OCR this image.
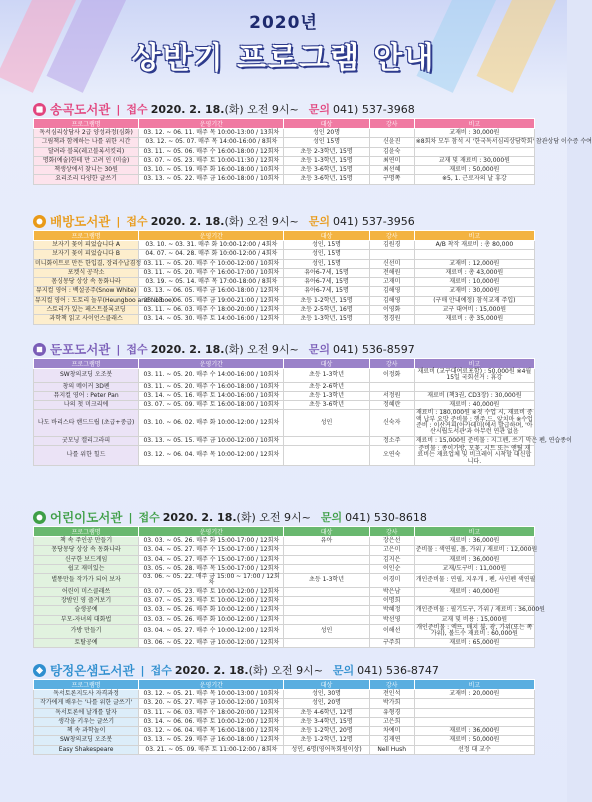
2020년
상반기 프로그램 안내
송곡도서관 | 접수 2020. 2. 18. (화) 오전 9시~ 문의 041) 537-3968
프로그램명	운영기간	대상	강사	비고
독서심리상담사 2급 양성과정(심화)	03. 12. ~ 06. 11. 매주 목 10:00-13:00 / 13회차	성인 20명		교재비 : 30,000원
그림책과 함께하는 나를 위한 시간	03. 12. ~ 05. 07. 매주 목 14:00-16:00 / 8회차	성인 15명	신윤진	※8회차 모두 참석 시 '한국독서심리상담학회' 참관상담 이수증 수여
달려라 블록(레고블록서킷리)	03. 11. ~ 05. 06. 매주 수 16:00-18:00 / 12회차	초등 2-3학년, 15명	김윤숙	
명화(예술)한테 만 고려 인 (미술)	03. 07. ~ 05. 23. 매주 토 10:00-11:30 / 12회차	초등 1-3학년, 15명	최연미	교재 및 재료비 : 30,000원
책생상에서 찾니는 30원	03. 10. ~ 05. 19. 매주 화 16:00-18:00 / 10회차	초등 3-6학년, 15명	최선혜	재료비 : 50,000원
요리조리 다양한 글쓰기	03. 13. ~ 05. 22. 매주 금 16:00-18:00 / 10회차	초등 3-6학년, 15명	구명쪽	※5, 1. 근로자의 날 휴강
배방도서관 | 접수 2020. 2. 18. (화) 오전 9시~ 문의 041) 537-3956
프로그램명	운영기간	대상	강사	비고
보자기 꽃이 피었습니다 A	03. 10. ~ 03. 31. 매주 화 10:00-12:00 / 4회차	성인, 15명	김원경	A/B 착작 재료비 : 총 80,000
보자기 꽃이 피었습니다 B	04. 07. ~ 04. 28. 매주 화 10:00-12:00 / 4회차	성인, 15명		
미니화이트로 만든 한입결, 장리수납겸정	03. 11. ~ 05. 20. 매주 수 10:00-12:00 / 10회차	성인, 15명	신선미	교재비 : 12,000원
포켓식 공작소	03. 11. ~ 05. 20. 매주 수 16:00-17:00 / 10회차	유아6-7세, 15명	전해원	재료비 : 총 43,000원
몸싱몽당 상상 속 동화나라	03. 19. ~ 05. 14. 매주 목 17:00-18:00 / 8회차	유아6-7세, 15명	고재미	재료비 : 10,000원
뮤지컬 영어 : 백설공주(Snow White)	03. 13. ~ 06. 05. 매주 금 16:00-18:00 / 12회차	유아6-7세, 15명	김해영	교재비 : 30,000원
뮤지컬 영어 : 도토리 놀부(Heungboo and Nolboo)	03. 13. ~ 06. 05. 매주 금 19:00-21:00 / 12회차	초등 1-2학년, 15명	김해영	(구매 안내예정) 참석교재 주입)
스토리가 있는 페스트블록코딩	03. 11. ~ 06. 03. 매주 수 18:00-20:00 / 12회차	초등 2-5학년, 16명	이영화	교구 대여비 : 15,000원
과학책 읽고 사이언스클래스	03. 14. ~ 05. 30. 매주 토 14:00-16:00 / 12회차	초등 1-3학년, 15명	정경원	재료비 : 총 35,000원
둔포도서관 | 접수 2020. 2. 18. (화) 오전 9시~ 문의 041) 536-8597
프로그램명	운영기간	대상	강사	비고
SW창의코딩 오조봇	03. 11. ~ 05. 20. 매주 수 14:00-16:00 / 10회차	초등 1-3학년	이정화	재료비 (교구대여료포함) : 50,000원 ※4월 15일 국회선거 : 휴강
창의 메이커 3D펜	03. 11. ~ 05. 20. 매주 수 16:00-18:00 / 10회차	초등 2-6학년		
뮤지컬 영어 : Peter Pan	03. 14. ~ 05. 16. 매주 토 14:00-16:00 / 10회차	초등 1-3학년	서정원	재료비 (책3권, CD3장) : 30,000원
나의 첫 미크리에	03. 07. ~ 05. 09. 매주 토 16:00-18:00 / 10회차	초등 3-6학년	정혜란	재료비 : 40,000원
나도 바리스타 핸드드립 (초급+중급)	03. 10. ~ 06. 02. 매주 화 10:00-12:00 / 12회차	성인	신숙자	재료비 : 180,000원 ※첫 수업 시, 재료비 중액 납부 요망 준비물 : 행주,드, 앞치마 ※수업준비 : 이산커피(아카데미(에서 발급하며, '아산시립도서관'과 아무런 연관 없음
굿모닝 캘리그라피	03. 13. ~ 05. 15. 매주 금 10:00-12:00 / 10회차		정소주	재료비 : 15,000원 준비물 : 지그펜, 쓰기 막은 펜, 연습종이
나를 위한 힐드	03. 12. ~ 06. 04. 매주 목 10:00-12:00 / 12회차		오연숙	준비물 : 종이가방, 모꽃, 시트 또는 앤틸 재료비는 재료업체 및 비크레이 시착할 대신합니다.
어린이도서관 | 접수 2020. 2. 18. (화) 오전 9시~ 문의 041) 530-8618
프로그램명	운영기간	대상	강사	비고
책 속 주인공 만들기	03. 03. ~ 05. 26. 매주 화 15:00-17:00 / 12회차	유아	장은선	재료비 : 36,000원
몽당몽당 상상 속 동화나라	03. 04. ~ 05. 27. 매주 수 15:00-17:00 / 12회차		고은미	준비물 : 색연필, 풀, 가위 / 재료비 : 12,000원
신구한 보드게임	03. 04. ~ 05. 27. 매주 수 15:00-17:00 / 12회차		김지은	재료비 : 36,000원
쉽고 재미있는	03. 05. ~ 05. 28. 매주 목 15:00-17:00 / 12회차		이인순	교재/도구비 : 11,000원
별똥만들 작가가 되어 보자	03. 06. ~ 05. 22. 매주 금 15:00 ~ 17:00 / 12회차	초등 1-3학년	이경미	개인준비물 : 연필, 지우개 , 펜, 사인펜 색연필
어린이 미스클래쓰	03. 07. ~ 05. 23. 매주 토 10:00-12:00 / 12회차		박은남	재료비 : 40,000원
장밤인 영 즐겨보기	03. 07. ~ 05. 23. 매주 토 10:00-12:00 / 12회차		이명희	
슬생공예	03. 03. ~ 05. 26. 매주 화 10:00-12:00 / 12회차		박혜정	개인준비물 : 필기도구, 가위 / 재료비 : 36,000원
부모-자녀의 대화법	03. 03. ~ 05. 26. 매주 화 10:00-12:00 / 12회차		박선영	교재 및 비용 : 15,000원
가방 만들기	03. 04. ~ 05. 27. 매주 수 10:00-12:00 / 12회차	성인	이해선	개인준비물 : 엑뜨, 매지 불, 광, 가위(또는 쪽가위), 볼드수 재료비 : 60,000원
토탈공예	03. 06. ~ 05. 22. 매주 금 10:00-12:00 / 12회차		구주희	재료비 : 65,000원
탕정온샘도서관 | 접수 2020. 2. 18. (화) 오전 9시~ 문의 041) 536-8747
프로그램명	운영기간	대상	강사	비고
독서토론지도사 자격과정	03. 12. ~ 05. 21. 매주 목 10:00-13:00 / 10회차	성인, 30명	전인석	교재비 : 20,000원
작가에게 배우는 '나를 위한 글쓰기'	03. 20. ~ 05. 27. 매주 금 10:00-12:00 / 10회차	성인, 20명	박가희	
독서토론에 날개를 달자	03. 11. ~ 06. 03. 매주 수 18:00-20:00 / 12회차	초등 4-6학년, 12명	유형경	
생각을 키우는 글쓰기	03. 14. ~ 06. 06. 매주 토 10:00-12:00 / 12회차	초등 3-4학년, 15명	고은희	
책 속 과학놀이	03. 12. ~ 06. 04. 매주 목 16:00-18:00 / 12회차	초등 1-2학년, 20명	차예미	재료비 : 36,000원
SW창의코딩 오조봇	03. 13. ~ 05. 29. 매주 금 16:00-18:00 / 12회차	초등 1-2학년, 12명	김재연	재료비 : 50,000원
Easy Shakespeare	03. 21. ~ 05. 09. 매주 토 11:00-12:00 / 8회차	성인, 6명(영어독회원이상)	Nell Hush	선정 대 교수
